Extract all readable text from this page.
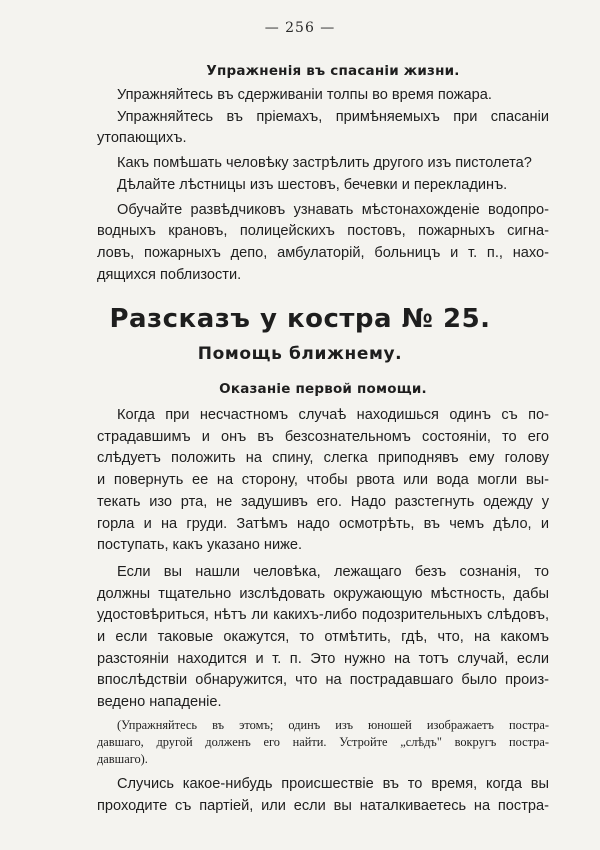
— 256 —
Упражненія въ спасаніи жизни.
Упражняйтесь въ сдерживаніи толпы во время пожара.
Упражняйтесь въ пріемахъ, примѣняемыхъ при спасаніи
утопающихъ.
Какъ помѣшать человѣку застрѣлить другого изъ пистолета?
Дѣлайте лѣстницы изъ шестовъ, бечевки и перекладинъ.
Обучайте развѣдчиковъ узнавать мѣстонахожденіе водопро-
водныхъ крановъ, полицейскихъ постовъ, пожарныхъ сигна-
ловъ, пожарныхъ депо, амбулаторій, больницъ и т. п., нахо-
дящихся поблизости.
Разсказъ у костра № 25.
Помощь ближнему.
Оказаніе первой помощи.
Когда при несчастномъ случаѣ находишься одинъ съ по-
страдавшимъ и онъ въ безсознательномъ состояніи, то его
слѣдуетъ положить на спину, слегка приподнявъ ему голову
и повернуть ее на сторону, чтобы рвота или вода могли вы-
текать изо рта, не задушивъ его. Надо разстегнуть одежду у
горла и на груди. Затѣмъ надо осмотрѣть, въ чемъ дѣло, и
поступать, какъ указано ниже.
Если вы нашли человѣка, лежащаго безъ сознанія, то
должны тщательно изслѣдовать окружающую мѣстность, дабы
удостовѣриться, нѣтъ ли какихъ-либо подозрительныхъ слѣдовъ,
и если таковые окажутся, то отмѣтить, гдѣ, что, на какомъ
разстояніи находится и т. п. Это нужно на тотъ случай, если
впослѣдствіи обнаружится, что на пострадавшаго было произ-
ведено нападеніе.
(Упражняйтесь въ этомъ; одинъ изъ юношей изображаетъ постра-
давшаго, другой долженъ его найти. Устройте „слѣдъ" вокругъ постра-
давшаго).
Случись какое-нибудь происшествіе въ то время, когда вы
проходите съ партіей, или если вы наталкиваетесь на постра-
